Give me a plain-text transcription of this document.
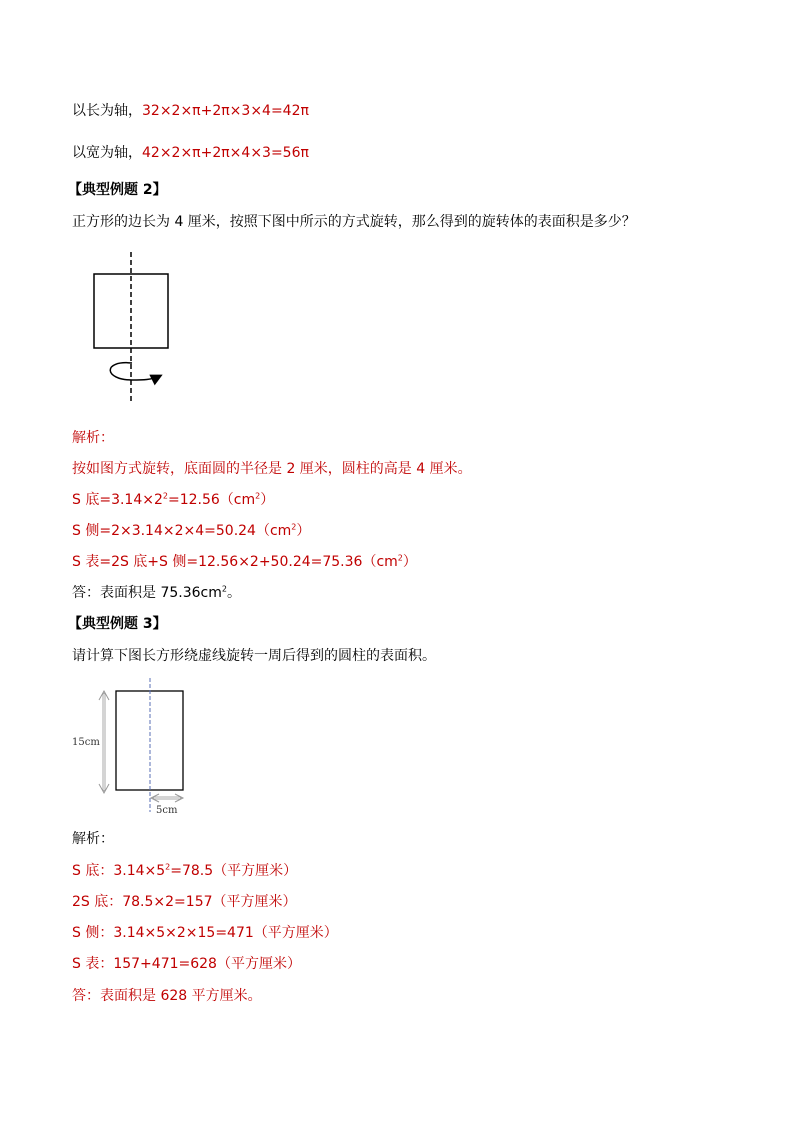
以长为轴，32×2×π+2π×3×4=42π
以宽为轴，42×2×π+2π×4×3=56π
【典型例题 2】
正方形的边长为 4 厘米，按照下图中所示的方式旋转，那么得到的旋转体的表面积是多少？
解析：
按如图方式旋转，底面圆的半径是 2 厘米，圆柱的高是 4 厘米。
S 底$=3.14\times 2^2=12.56(cm^2)$
S 侧$=2\times 3.14\times 2\times 4=50.24(cm^2)$
S 表=2S 底+S 侧$=12.56\times 2+50.24=75.36(cm^2)$
答：表面积是 $75.36cm^2$。
【典型例题 3】
请计算下图长方形绕虚线旋转一周后得到的圆柱的表面积。
15cm
5cm
解析：
S 底：$3.14\times 5^2=78.5$（平方厘米）
2S 底：78.5×2=157（平方厘米）
S 侧：3.14×5×2×15=471（平方厘米）
S 表：157+471=628（平方厘米）
答：表面积是 628 平方厘米。
